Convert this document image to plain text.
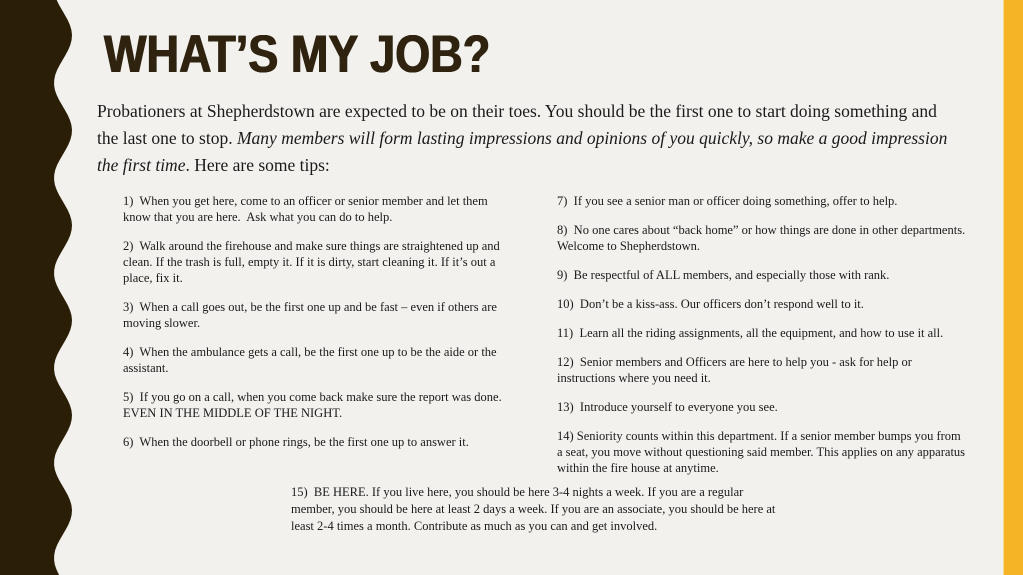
WHAT’S MY JOB?

Probationers at Shepherdstown are expected to be on their toes. You should be the first one to start doing something and the last one to stop. Many members will form lasting impressions and opinions of you quickly, so make a good impression the first time. Here are some tips:

1)  When you get here, come to an officer or senior member and let them know that you are here.  Ask what you can do to help.

2)  Walk around the firehouse and make sure things are straightened up and clean. If the trash is full, empty it. If it is dirty, start cleaning it. If it’s out a place, fix it.

3)  When a call goes out, be the first one up and be fast – even if others are moving slower.

4)  When the ambulance gets a call, be the first one up to be the aide or the assistant.

5)  If you go on a call, when you come back make sure the report was done. EVEN IN THE MIDDLE OF THE NIGHT.

6)  When the doorbell or phone rings, be the first one up to answer it.

7)  If you see a senior man or officer doing something, offer to help.

8)  No one cares about “back home” or how things are done in other departments.  Welcome to Shepherdstown.

9)  Be respectful of ALL members, and especially those with rank.

10)  Don’t be a kiss-ass. Our officers don’t respond well to it.

11)  Learn all the riding assignments, all the equipment, and how to use it all.

12)  Senior members and Officers are here to help you - ask for help or instructions where you need it.

13)  Introduce yourself to everyone you see.

14) Seniority counts within this department. If a senior member bumps you from a seat, you move without questioning said member. This applies on any apparatus within the fire house at anytime.

15)  BE HERE. If you live here, you should be here 3-4 nights a week. If you are a regular member, you should be here at least 2 days a week. If you are an associate, you should be here at least 2-4 times a month. Contribute as much as you can and get involved.
